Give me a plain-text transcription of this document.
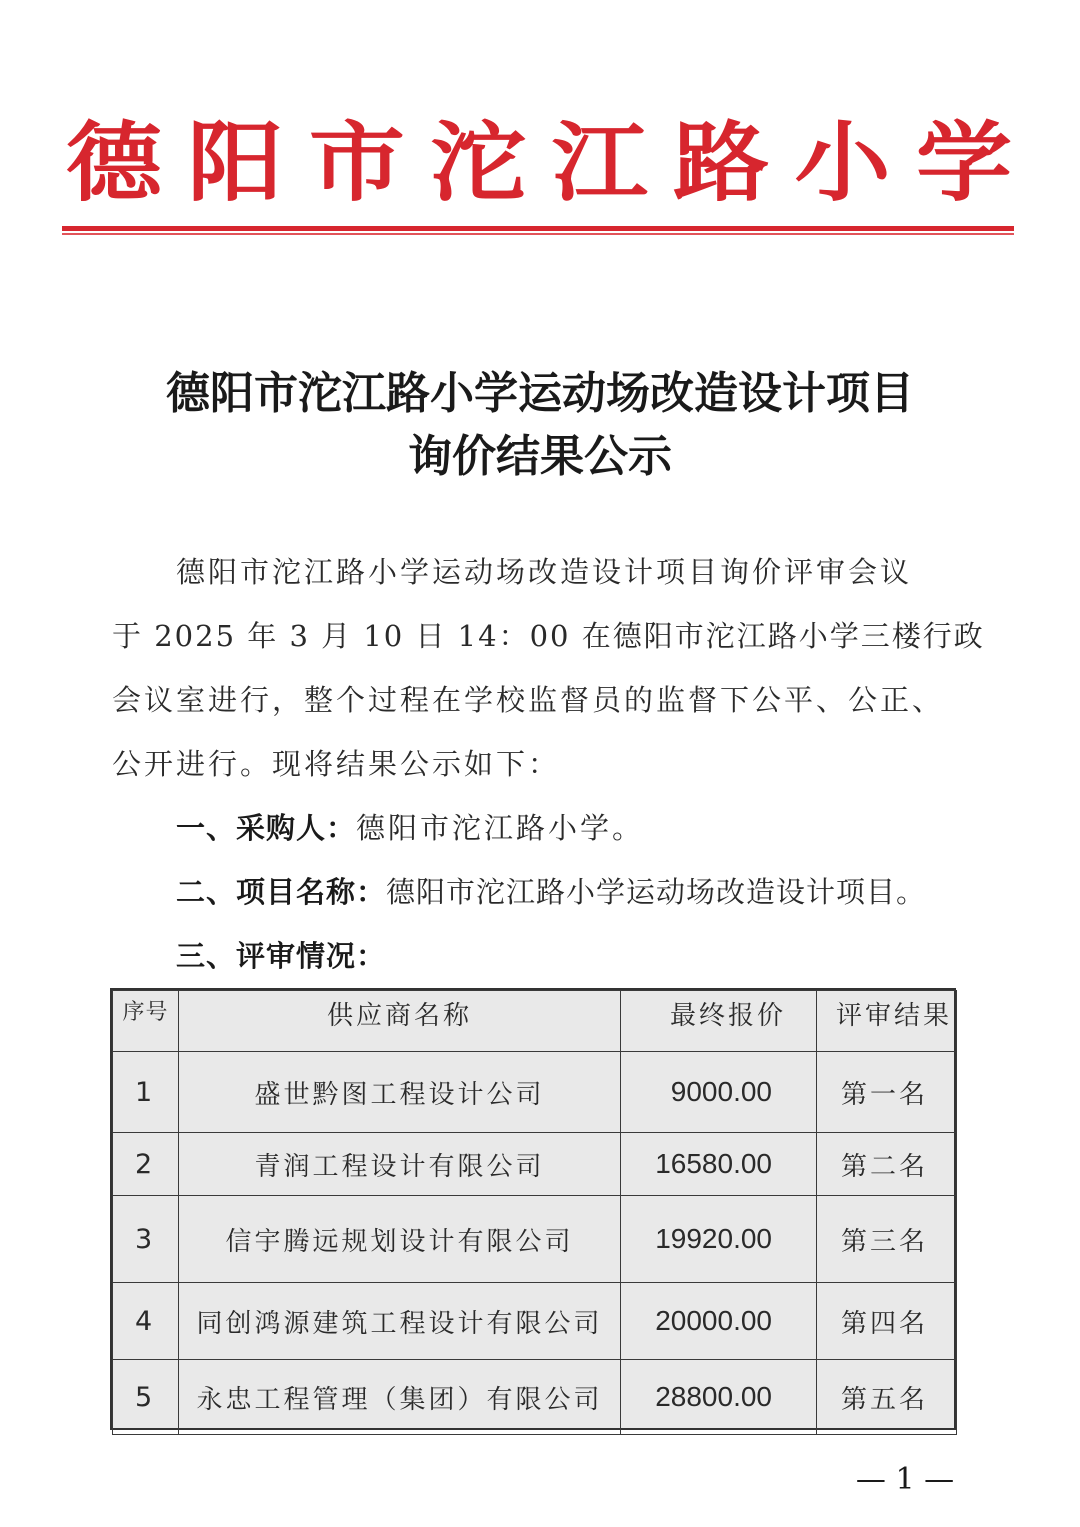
德 阳 市 沱 江 路 小 学
德阳市沱江路小学运动场改造设计项目
询价结果公示
德阳市沱江路小学运动场改造设计项目询价评审会议
于 2025 年 3 月 10 日 14：00 在德阳市沱江路小学三楼行政
会议室进行，整个过程在学校监督员的监督下公平、公正、
公开进行。现将结果公示如下：
一、采购人：德阳市沱江路小学。
二、项目名称：德阳市沱江路小学运动场改造设计项目。
三、评审情况：
序号	供应商名称	最终报价	评审结果
1	盛世黔图工程设计公司	9000.00	第一名
2	青润工程设计有限公司	16580.00	第二名
3	信宇腾远规划设计有限公司	19920.00	第三名
4	同创鸿源建筑工程设计有限公司	20000.00	第四名
5	永忠工程管理（集团）有限公司	28800.00	第五名
— 1 —
